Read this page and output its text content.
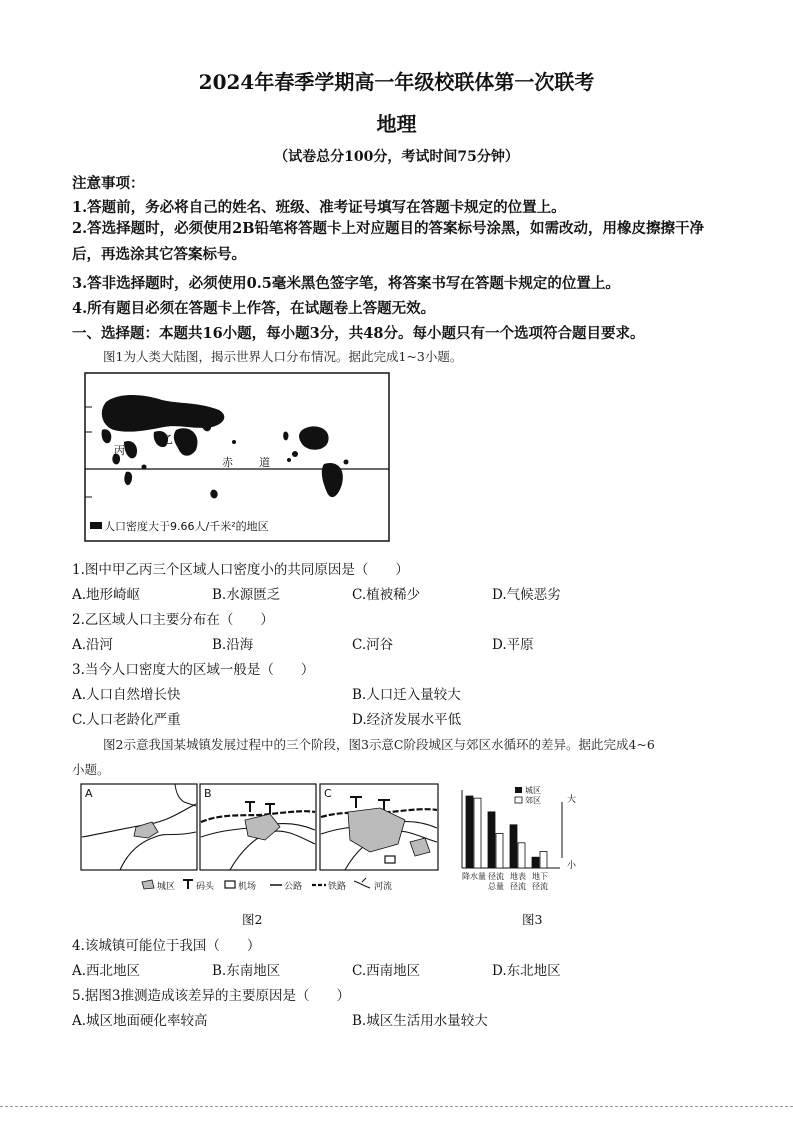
2024年春季学期高一年级校联体第一次联考
地理
（试卷总分100分，考试时间75分钟）
注意事项：
1.答题前，务必将自己的姓名、班级、准考证号填写在答题卡规定的位置上。
2.答选择题时，必须使用2B铅笔将答题卡上对应题目的答案标号涂黑，如需改动，用橡皮擦擦干净后，再选涂其它答案标号。
3.答非选择题时，必须使用0.5毫米黑色签字笔，将答案书写在答题卡规定的位置上。
4.所有题目必须在答题卡上作答，在试题卷上答题无效。
一、选择题：本题共16小题，每小题3分，共48分。每小题只有一个选项符合题目要求。
图1为人类大陆图，揭示世界人口分布情况。据此完成1~3小题。
乙
丙
甲
赤 道
人口密度大于9.66人/千米²的地区
1.图中甲乙丙三个区域人口密度小的共同原因是（　　）
A.地形崎岖	B.水源匮乏	C.植被稀少	D.气候恶劣
2.乙区域人口主要分布在（　　）
A.沿河	B.沿海	C.河谷	D.平原
3.当今人口密度大的区域一般是（　　）
A.人口自然增长快	B.人口迁入量较大
C.人口老龄化严重	D.经济发展水平低
图2示意我国某城镇发展过程中的三个阶段，图3示意C阶段城区与郊区水循环的差异。据此完成4~6
小题。
A	B	C
城区 码头	机场	公路	铁路	河流
图2
大
小
城区
郊区
降水量 径流
总量
地表
径流
地下
径流
图3
4.该城镇可能位于我国（　　）
A.西北地区	B.东南地区	C.西南地区	D.东北地区
5.据图3推测造成该差异的主要原因是（　　）
A.城区地面硬化率较高	B.城区生活用水量较大
